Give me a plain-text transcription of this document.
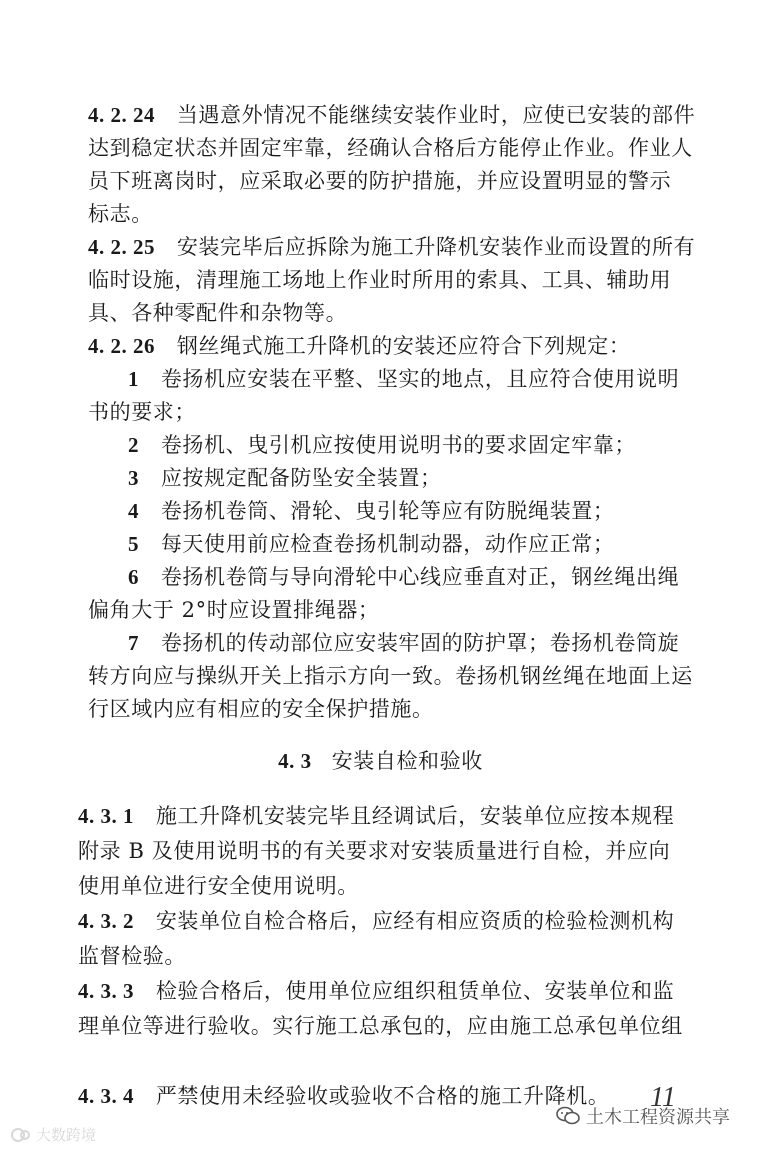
4. 2. 24 当遇意外情况不能继续安装作业时，应使已安装的部件
达到稳定状态并固定牢靠，经确认合格后方能停止作业。作业人
员下班离岗时，应采取必要的防护措施，并应设置明显的警示
标志。
4. 2. 25 安装完毕后应拆除为施工升降机安装作业而设置的所有
临时设施，清理施工场地上作业时所用的索具、工具、辅助用
具、各种零配件和杂物等。
4. 2. 26 钢丝绳式施工升降机的安装还应符合下列规定：
1 卷扬机应安装在平整、坚实的地点，且应符合使用说明
书的要求；
2 卷扬机、曳引机应按使用说明书的要求固定牢靠；
3 应按规定配备防坠安全装置；
4 卷扬机卷筒、滑轮、曳引轮等应有防脱绳装置；
5 每天使用前应检查卷扬机制动器，动作应正常；
6 卷扬机卷筒与导向滑轮中心线应垂直对正，钢丝绳出绳
偏角大于 2°时应设置排绳器；
7 卷扬机的传动部位应安装牢固的防护罩；卷扬机卷筒旋
转方向应与操纵开关上指示方向一致。卷扬机钢丝绳在地面上运
行区域内应有相应的安全保护措施。
4. 3 安装自检和验收
4. 3. 1 施工升降机安装完毕且经调试后，安装单位应按本规程
附录 B 及使用说明书的有关要求对安装质量进行自检，并应向
使用单位进行安全使用说明。
4. 3. 2 安装单位自检合格后，应经有相应资质的检验检测机构
监督检验。
4. 3. 3 检验合格后，使用单位应组织租赁单位、安装单位和监
理单位等进行验收。实行施工总承包的，应由施工总承包单位组
11
大数跨境
土木工程资源共享
4. 3. 4 严禁使用未经验收或验收不合格的施工升降机。
